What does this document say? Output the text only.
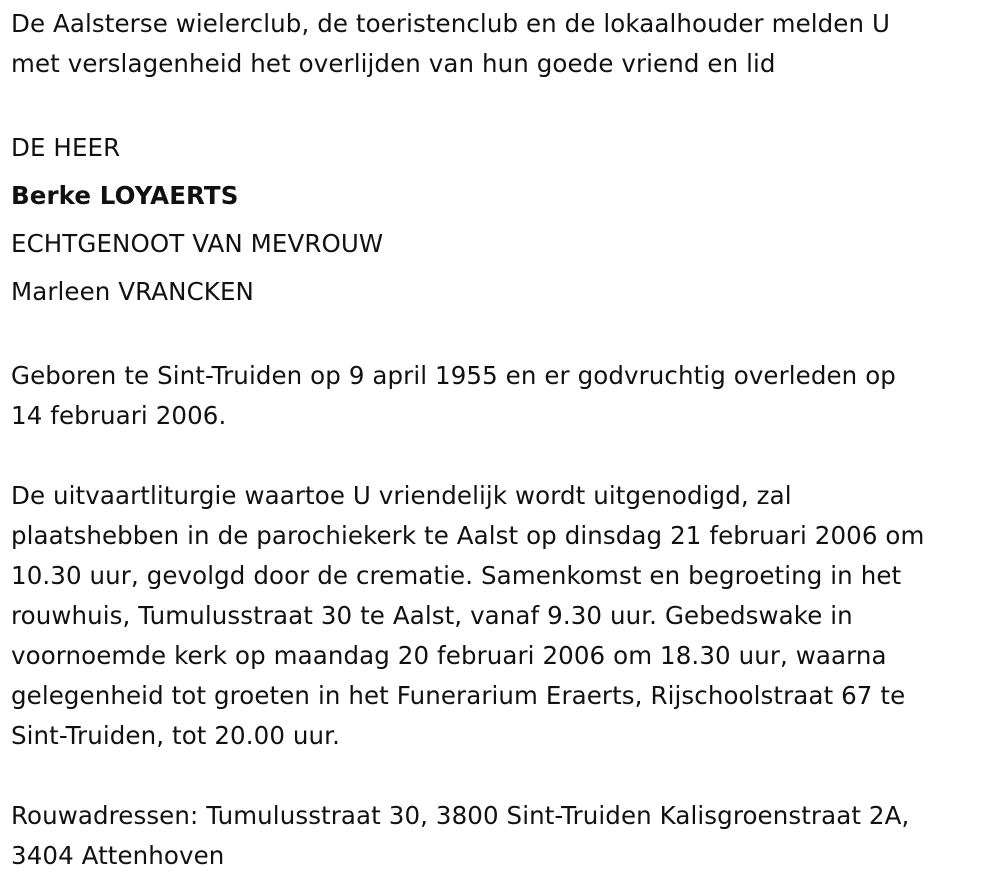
De Aalsterse wielerclub, de toeristenclub en de lokaalhouder melden U
met verslagenheid het overlijden van hun goede vriend en lid

DE HEER
Berke LOYAERTS
ECHTGENOOT VAN MEVROUW
Marleen VRANCKEN

Geboren te Sint-Truiden op 9 april 1955 en er godvruchtig overleden op
14 februari 2006.

De uitvaartliturgie waartoe U vriendelijk wordt uitgenodigd, zal
plaatshebben in de parochiekerk te Aalst op dinsdag 21 februari 2006 om
10.30 uur, gevolgd door de crematie. Samenkomst en begroeting in het
rouwhuis, Tumulusstraat 30 te Aalst, vanaf 9.30 uur. Gebedswake in
voornoemde kerk op maandag 20 februari 2006 om 18.30 uur, waarna
gelegenheid tot groeten in het Funerarium Eraerts, Rijschoolstraat 67 te
Sint-Truiden, tot 20.00 uur.

Rouwadressen: Tumulusstraat 30, 3800 Sint-Truiden Kalisgroenstraat 2A,
3404 Attenhoven
